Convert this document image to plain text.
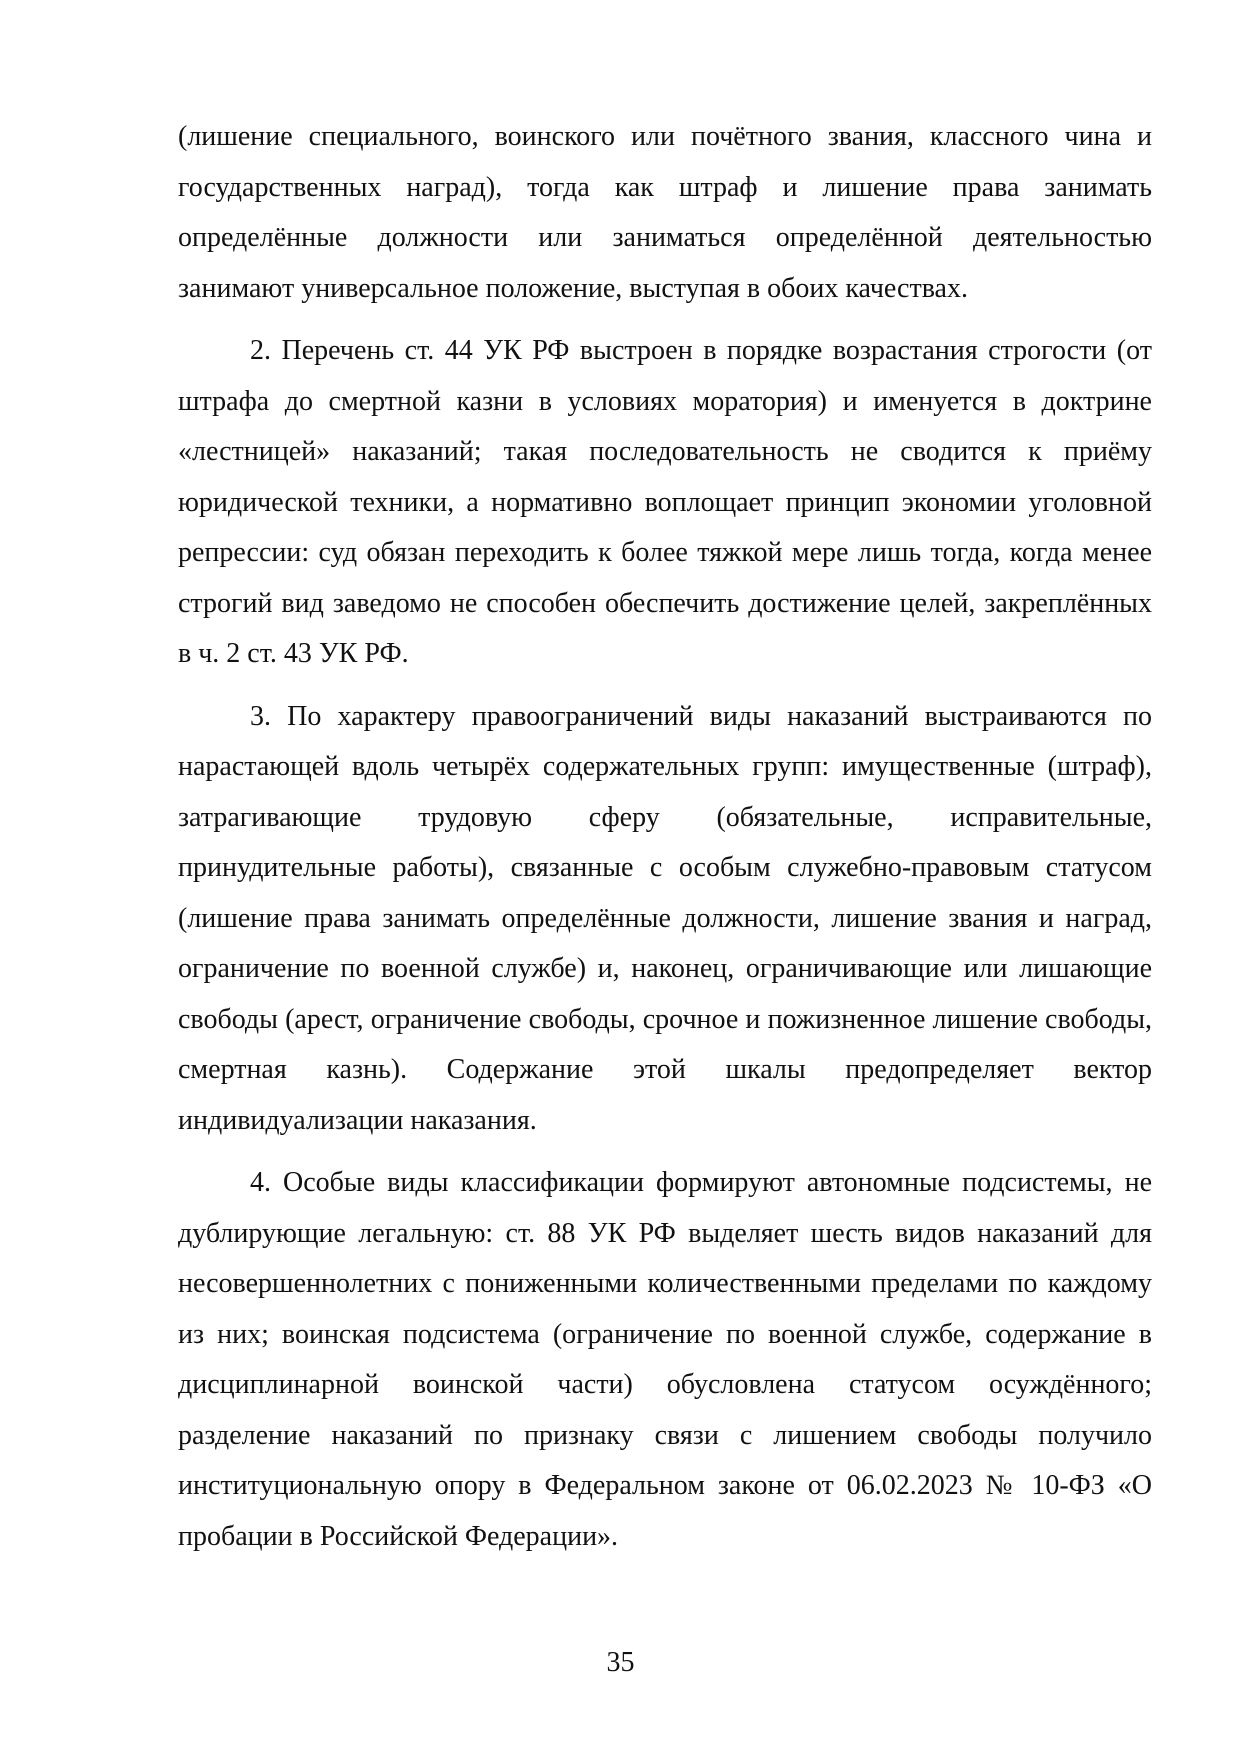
(лишение специального, воинского или почётного звания, классного чина и государственных наград), тогда как штраф и лишение права занимать определённые должности или заниматься определённой деятельностью занимают универсальное положение, выступая в обоих качествах.

2. Перечень ст. 44 УК РФ выстроен в порядке возрастания строгости (от штрафа до смертной казни в условиях моратория) и именуется в доктрине «лестницей» наказаний; такая последовательность не сводится к приёму юридической техники, а нормативно воплощает принцип экономии уголовной репрессии: суд обязан переходить к более тяжкой мере лишь тогда, когда менее строгий вид заведомо не способен обеспечить достижение целей, закреплённых в ч. 2 ст. 43 УК РФ.

3. По характеру правоограничений виды наказаний выстраиваются по нарастающей вдоль четырёх содержательных групп: имущественные (штраф), затрагивающие трудовую сферу (обязательные, исправительные, принудительные работы), связанные с особым служебно-правовым статусом (лишение права занимать определённые должности, лишение звания и наград, ограничение по военной службе) и, наконец, ограничивающие или лишающие свободы (арест, ограничение свободы, срочное и пожизненное лишение свободы, смертная казнь). Содержание этой шкалы предопределяет вектор индивидуализации наказания.

4. Особые виды классификации формируют автономные подсистемы, не дублирующие легальную: ст. 88 УК РФ выделяет шесть видов наказаний для несовершеннолетних с пониженными количественными пределами по каждому из них; воинская подсистема (ограничение по военной службе, содержание в дисциплинарной воинской части) обусловлена статусом осуждённого; разделение наказаний по признаку связи с лишением свободы получило институциональную опору в Федеральном законе от 06.02.2023 № 10-ФЗ «О пробации в Российской Федерации».

35
